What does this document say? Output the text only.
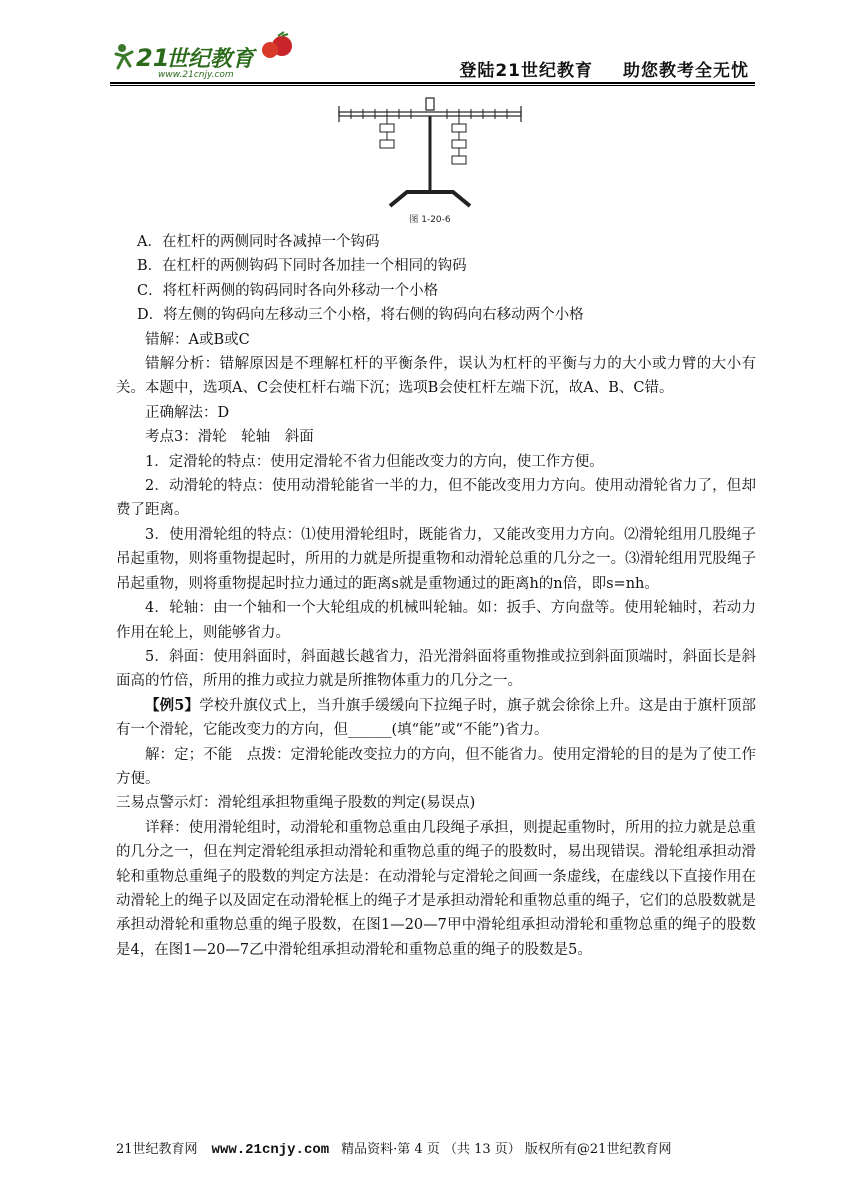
21
世纪教育
www.21cnjy.com	登陆21世纪教育 助您教考全无忧
图 1-20-6

A．在杠杆的两侧同时各减掉一个钩码

B．在杠杆的两侧钩码下同时各加挂一个相同的钩码

C．将杠杆两侧的钩码同时各向外移动一个小格

D．将左侧的钩码向左移动三个小格，将右侧的钩码向右移动两个小格

错解：A或B或C

错解分析：错解原因是不理解杠杆的平衡条件，误认为杠杆的平衡与力的大小或力臂的大小有关。本题中，选项A、C会使杠杆右端下沉；选项B会使杠杆左端下沉，故A、B、C错。

正确解法：D

考点3：滑轮　轮轴　斜面

1．定滑轮的特点：使用定滑轮不省力但能改变力的方向，使工作方便。

2．动滑轮的特点：使用动滑轮能省一半的力，但不能改变用力方向。使用动滑轮省力了，但却费了距离。

3．使用滑轮组的特点：⑴使用滑轮组时，既能省力，又能改变用力方向。⑵滑轮组用几股绳子吊起重物，则将重物提起时，所用的力就是所提重物和动滑轮总重的几分之一。⑶滑轮组用咒股绳子吊起重物，则将重物提起时拉力通过的距离s就是重物通过的距离h的n倍，即s=nh。

4．轮轴：由一个轴和一个大轮组成的机械叫轮轴。如：扳手、方向盘等。使用轮轴时，若动力作用在轮上，则能够省力。

5．斜面：使用斜面时，斜面越长越省力，沿光滑斜面将重物推或拉到斜面顶端时，斜面长是斜面高的竹倍，所用的推力或拉力就是所推物体重力的几分之一。

【例5】学校升旗仪式上，当升旗手缓缓向下拉绳子时，旗子就会徐徐上升。这是由于旗杆顶部有一个滑轮，它能改变力的方向，但______(填“能”或“不能”)省力。

解：定；不能　点拨：定滑轮能改变拉力的方向，但不能省力。使用定滑轮的目的是为了使工作方便。

三易点警示灯：滑轮组承担物重绳子股数的判定(易误点)

详释：使用滑轮组时，动滑轮和重物总重由几段绳子承担，则提起重物时，所用的拉力就是总重的几分之一，但在判定滑轮组承担动滑轮和重物总重的绳子的股数时，易出现错误。滑轮组承担动滑轮和重物总重绳子的股数的判定方法是：在动滑轮与定滑轮之间画一条虚线，在虚线以下直接作用在动滑轮上的绳子以及固定在动滑轮框上的绳子才是承担动滑轮和重物总重的绳子，它们的总股数就是承担动滑轮和重物总重的绳子股数，在图1—20—7甲中滑轮组承担动滑轮和重物总重的绳子的股数是4，在图1—20—7乙中滑轮组承担动滑轮和重物总重的绳子的股数是5。

21世纪教育网 www.21cnjy.com 精品资料·第 4 页 （共 13 页） 版权所有@21世纪教育网
